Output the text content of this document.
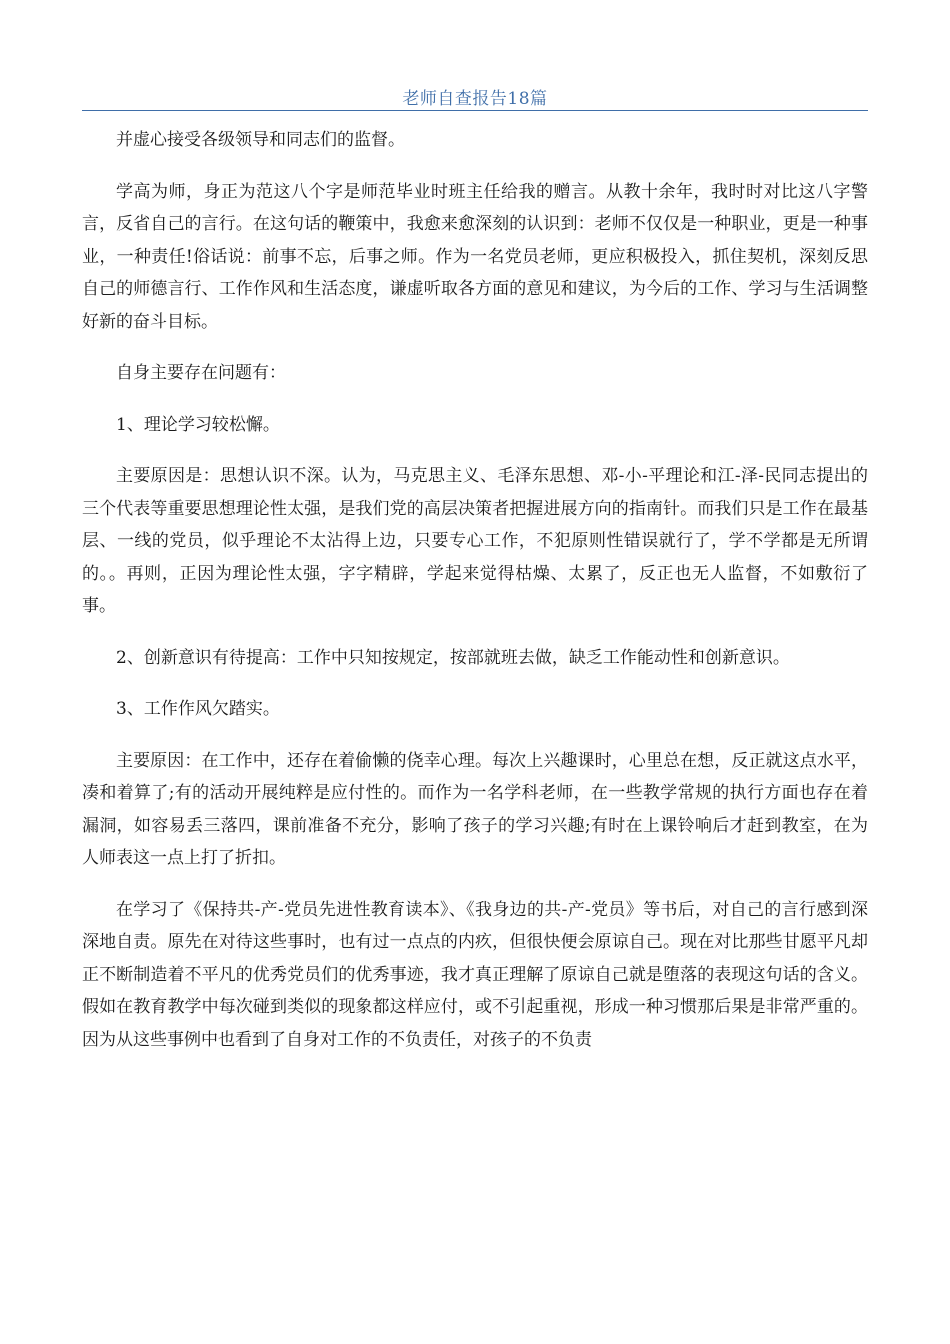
老师自查报告18篇

并虚心接受各级领导和同志们的监督。

学高为师，身正为范这八个字是师范毕业时班主任给我的赠言。从教十余年，我时时对比这八字警言，反省自己的言行。在这句话的鞭策中，我愈来愈深刻的认识到：老师不仅仅是一种职业，更是一种事业，一种责任!俗话说：前事不忘，后事之师。作为一名党员老师，更应积极投入，抓住契机，深刻反思自己的师德言行、工作作风和生活态度，谦虚听取各方面的意见和建议，为今后的工作、学习与生活调整好新的奋斗目标。

自身主要存在问题有：

1、理论学习较松懈。

主要原因是：思想认识不深。认为，马克思主义、毛泽东思想、邓-小-平理论和江-泽-民同志提出的三个代表等重要思想理论性太强，是我们党的高层决策者把握进展方向的指南针。而我们只是工作在最基层、一线的党员，似乎理论不太沾得上边，只要专心工作，不犯原则性错误就行了，学不学都是无所谓的。。再则，正因为理论性太强，字字精辟，学起来觉得枯燥、太累了，反正也无人监督，不如敷衍了事。

2、创新意识有待提高：工作中只知按规定，按部就班去做，缺乏工作能动性和创新意识。

3、工作作风欠踏实。

主要原因：在工作中，还存在着偷懒的侥幸心理。每次上兴趣课时，心里总在想，反正就这点水平，凑和着算了;有的活动开展纯粹是应付性的。而作为一名学科老师，在一些教学常规的执行方面也存在着漏洞，如容易丢三落四，课前准备不充分，影响了孩子的学习兴趣;有时在上课铃响后才赶到教室，在为人师表这一点上打了折扣。

在学习了《保持共-产-党员先进性教育读本》、《我身边的共-产-党员》等书后，对自己的言行感到深深地自责。原先在对待这些事时，也有过一点点的内疚，但很快便会原谅自己。现在对比那些甘愿平凡却正不断制造着不平凡的优秀党员们的优秀事迹，我才真正理解了原谅自己就是堕落的表现这句话的含义。假如在教育教学中每次碰到类似的现象都这样应付，或不引起重视，形成一种习惯那后果是非常严重的。因为从这些事例中也看到了自身对工作的不负责任，对孩子的不负责
